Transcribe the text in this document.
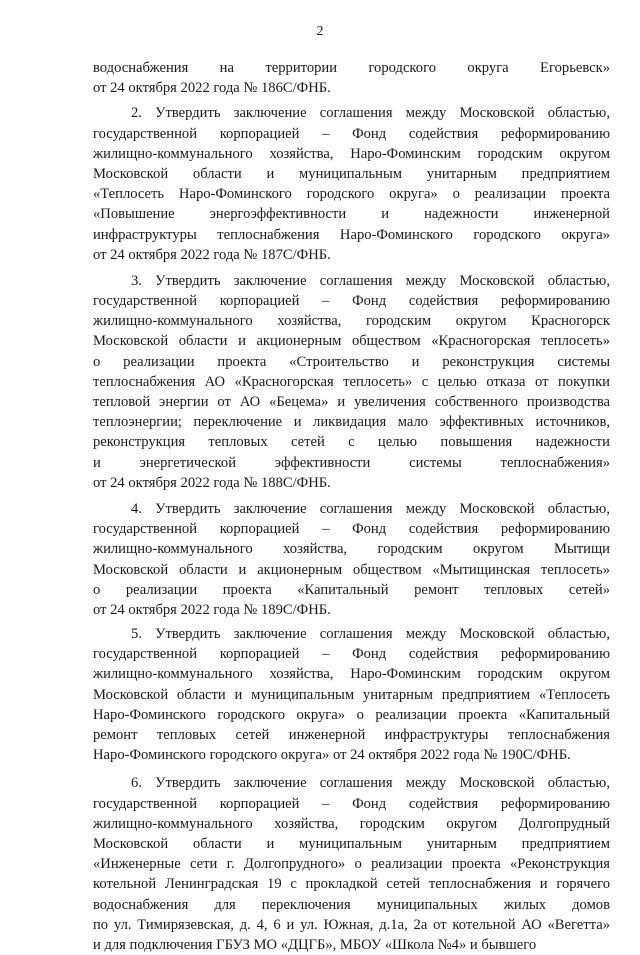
2
водоснабжения на территории городского округа Егорьевск»
от 24 октября 2022 года № 186С/ФНБ.
2. Утвердить заключение соглашения между Московской областью,
государственной корпорацией – Фонд содействия реформированию
жилищно-коммунального хозяйства, Наро-Фоминским городским округом
Московской области и муниципальным унитарным предприятием
«Теплосеть Наро-Фоминского городского округа» о реализации проекта
«Повышение энергоэффективности и надежности инженерной
инфраструктуры теплоснабжения Наро-Фоминского городского округа»
от 24 октября 2022 года № 187С/ФНБ.
3. Утвердить заключение соглашения между Московской областью,
государственной корпорацией – Фонд содействия реформированию
жилищно-коммунального хозяйства, городским округом Красногорск
Московской области и акционерным обществом «Красногорская теплосеть»
о реализации проекта «Строительство и реконструкция системы
теплоснабжения АО «Красногорская теплосеть» с целью отказа от покупки
тепловой энергии от АО «Бецема» и увеличения собственного производства
теплоэнергии; переключение и ликвидация мало эффективных источников,
реконструкция тепловых сетей с целью повышения надежности
и энергетической эффективности системы теплоснабжения»
от 24 октября 2022 года № 188С/ФНБ.
4. Утвердить заключение соглашения между Московской областью,
государственной корпорацией – Фонд содействия реформированию
жилищно-коммунального хозяйства, городским округом Мытищи
Московской области и акционерным обществом «Мытищинская теплосеть»
о реализации проекта «Капитальный ремонт тепловых сетей»
от 24 октября 2022 года № 189С/ФНБ.
5. Утвердить заключение соглашения между Московской областью,
государственной корпорацией – Фонд содействия реформированию
жилищно-коммунального хозяйства, Наро-Фоминским городским округом
Московской области и муниципальным унитарным предприятием «Теплосеть
Наро-Фоминского городского округа» о реализации проекта «Капитальный
ремонт тепловых сетей инженерной инфраструктуры теплоснабжения
Наро-Фоминского городского округа» от 24 октября 2022 года № 190С/ФНБ.
6. Утвердить заключение соглашения между Московской областью,
государственной корпорацией – Фонд содействия реформированию
жилищно-коммунального хозяйства, городским округом Долгопрудный
Московской области и муниципальным унитарным предприятием
«Инженерные сети г. Долгопрудного» о реализации проекта «Реконструкция
котельной Ленинградская 19 с прокладкой сетей теплоснабжения и горячего
водоснабжения для переключения муниципальных жилых домов
по ул. Тимирязевская, д. 4, 6 и ул. Южная, д.1а, 2а от котельной АО «Вегетта»
и для подключения ГБУЗ МО «ДЦГБ», МБОУ «Школа №4» и бывшего
